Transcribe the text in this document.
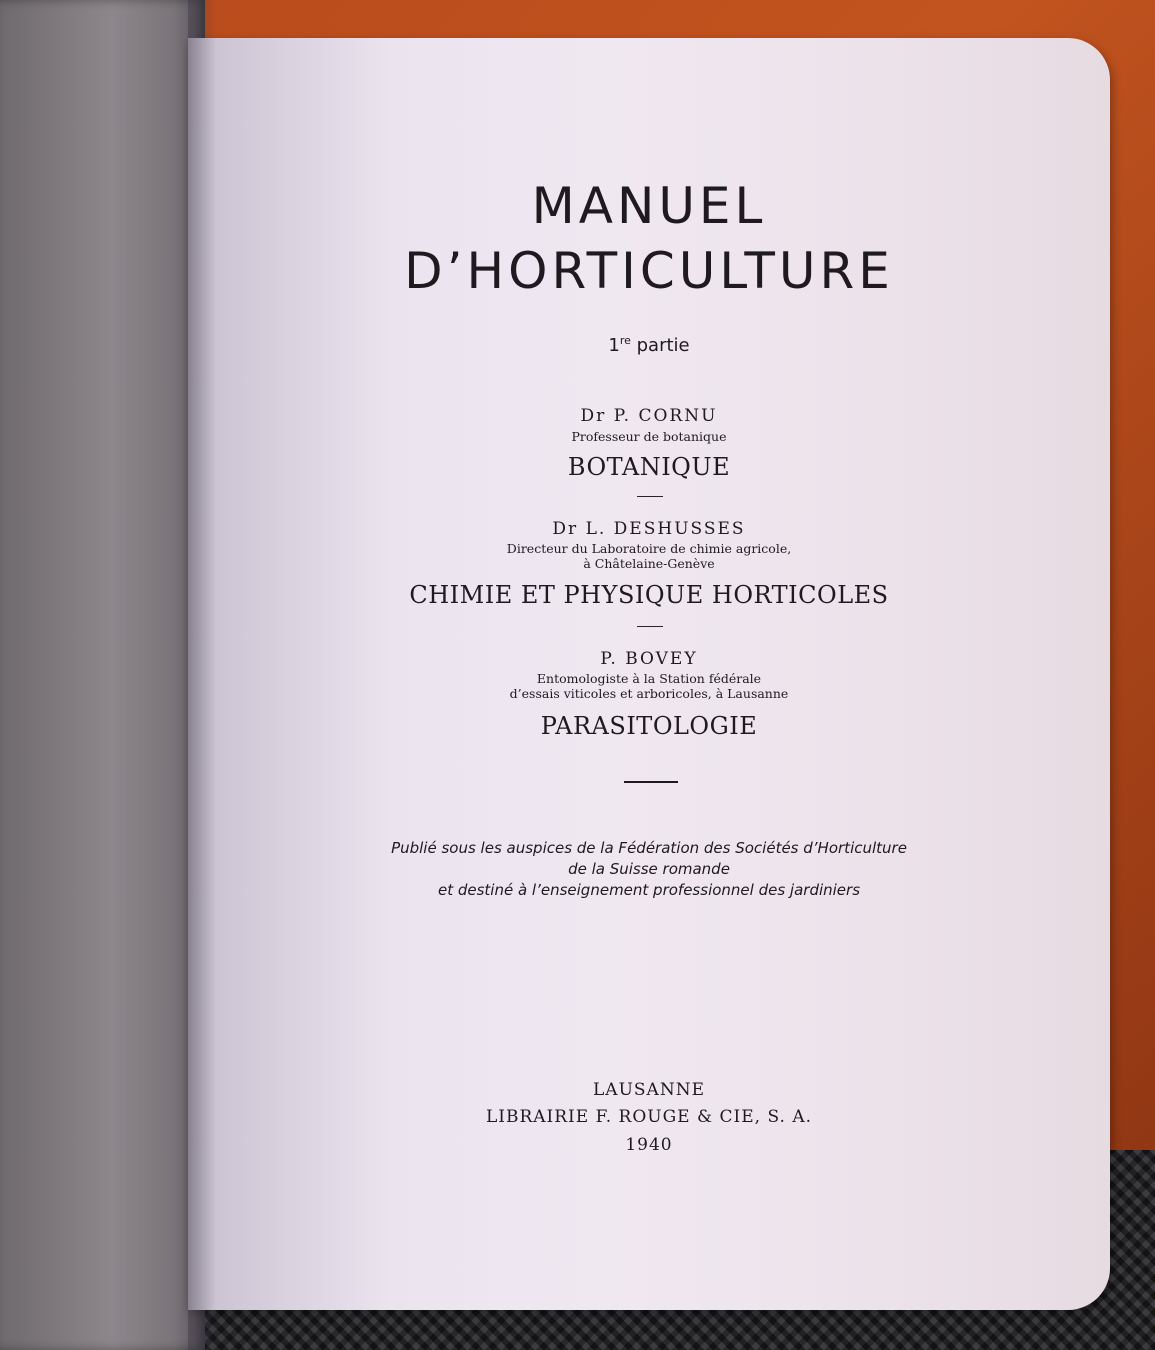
MANUEL
D’HORTICULTURE
1re partie
Dr P. CORNU
Professeur de botanique
BOTANIQUE
Dr L. DESHUSSES
Directeur du Laboratoire de chimie agricole,
à Châtelaine-Genève
CHIMIE ET PHYSIQUE HORTICOLES
P. BOVEY
Entomologiste à la Station fédérale
d’essais viticoles et arboricoles, à Lausanne
PARASITOLOGIE
Publié sous les auspices de la Fédération des Sociétés d’Horticulture
de la Suisse romande
et destiné à l’enseignement professionnel des jardiniers
LAUSANNE
LIBRAIRIE F. ROUGE & CIE, S. A.
1940
